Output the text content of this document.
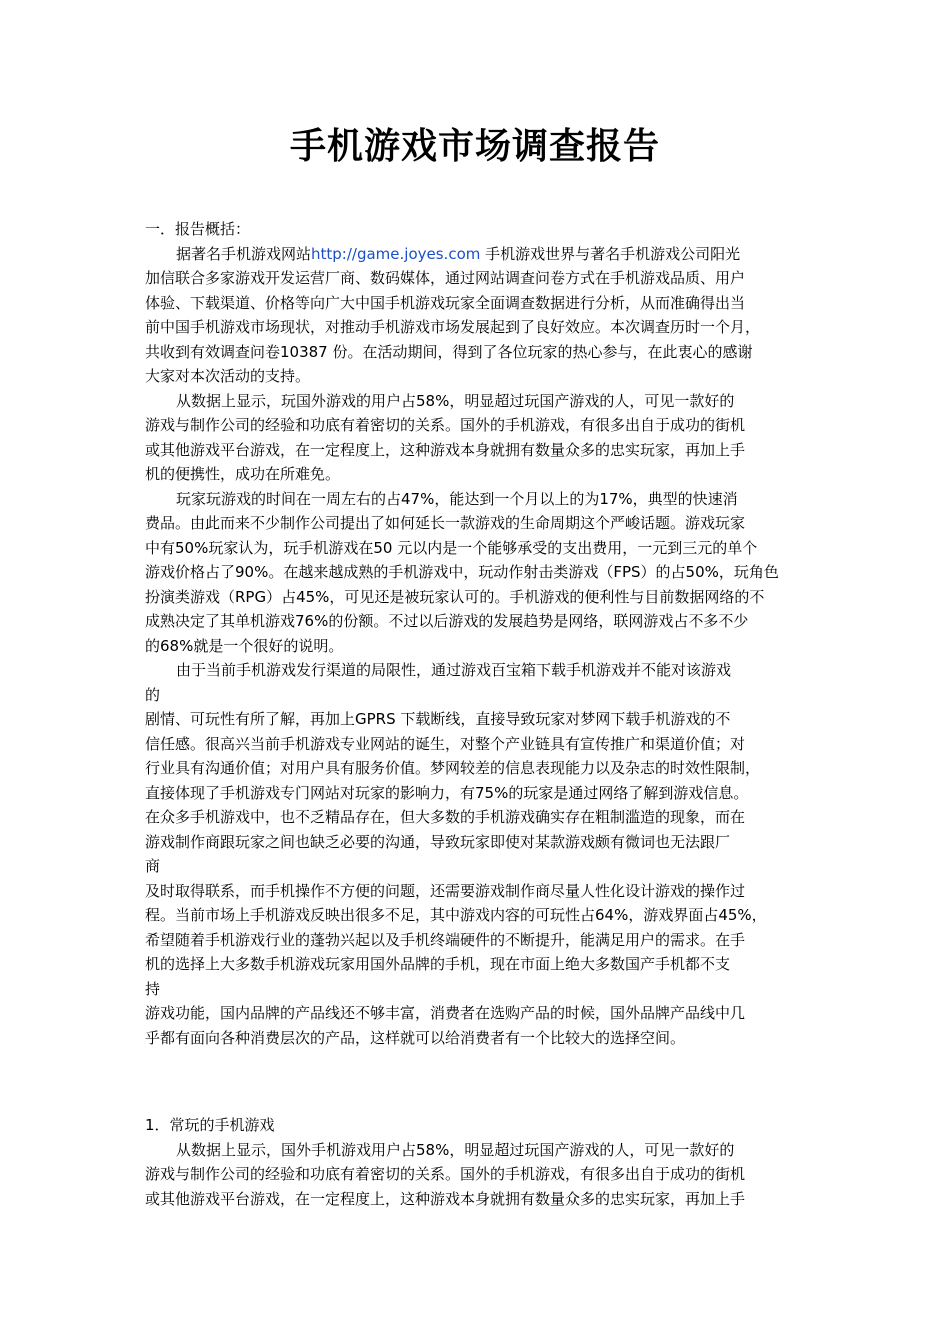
手机游戏市场调查报告
一．报告概括：
据著名手机游戏网站http://game.joyes.com 手机游戏世界与著名手机游戏公司阳光
加信联合多家游戏开发运营厂商、数码媒体，通过网站调查问卷方式在手机游戏品质、用户
体验、下载渠道、价格等向广大中国手机游戏玩家全面调查数据进行分析，从而准确得出当
前中国手机游戏市场现状，对推动手机游戏市场发展起到了良好效应。本次调查历时一个月，
共收到有效调查问卷10387 份。在活动期间，得到了各位玩家的热心参与，在此衷心的感谢
大家对本次活动的支持。
从数据上显示，玩国外游戏的用户占58%，明显超过玩国产游戏的人，可见一款好的
游戏与制作公司的经验和功底有着密切的关系。国外的手机游戏，有很多出自于成功的街机
或其他游戏平台游戏，在一定程度上，这种游戏本身就拥有数量众多的忠实玩家，再加上手
机的便携性，成功在所难免。
玩家玩游戏的时间在一周左右的占47%，能达到一个月以上的为17%，典型的快速消
费品。由此而来不少制作公司提出了如何延长一款游戏的生命周期这个严峻话题。游戏玩家
中有50%玩家认为，玩手机游戏在50 元以内是一个能够承受的支出费用，一元到三元的单个
游戏价格占了90%。在越来越成熟的手机游戏中，玩动作射击类游戏（FPS）的占50%，玩角色
扮演类游戏（RPG）占45%，可见还是被玩家认可的。手机游戏的便利性与目前数据网络的不
成熟决定了其单机游戏76%的份额。不过以后游戏的发展趋势是网络，联网游戏占不多不少
的68%就是一个很好的说明。
由于当前手机游戏发行渠道的局限性，通过游戏百宝箱下载手机游戏并不能对该游戏
的
剧情、可玩性有所了解，再加上GPRS 下载断线，直接导致玩家对梦网下载手机游戏的不
信任感。很高兴当前手机游戏专业网站的诞生，对整个产业链具有宣传推广和渠道价值；对
行业具有沟通价值；对用户具有服务价值。梦网较差的信息表现能力以及杂志的时效性限制，
直接体现了手机游戏专门网站对玩家的影响力，有75%的玩家是通过网络了解到游戏信息。
在众多手机游戏中，也不乏精品存在，但大多数的手机游戏确实存在粗制滥造的现象，而在
游戏制作商跟玩家之间也缺乏必要的沟通，导致玩家即使对某款游戏颇有微词也无法跟厂
商
及时取得联系，而手机操作不方便的问题，还需要游戏制作商尽量人性化设计游戏的操作过
程。当前市场上手机游戏反映出很多不足，其中游戏内容的可玩性占64%，游戏界面占45%，
希望随着手机游戏行业的蓬勃兴起以及手机终端硬件的不断提升，能满足用户的需求。在手
机的选择上大多数手机游戏玩家用国外品牌的手机，现在市面上绝大多数国产手机都不支
持
游戏功能，国内品牌的产品线还不够丰富，消费者在选购产品的时候，国外品牌产品线中几
乎都有面向各种消费层次的产品，这样就可以给消费者有一个比较大的选择空间。
1．常玩的手机游戏
从数据上显示，国外手机游戏用户占58%，明显超过玩国产游戏的人，可见一款好的
游戏与制作公司的经验和功底有着密切的关系。国外的手机游戏，有很多出自于成功的街机
或其他游戏平台游戏，在一定程度上，这种游戏本身就拥有数量众多的忠实玩家，再加上手
